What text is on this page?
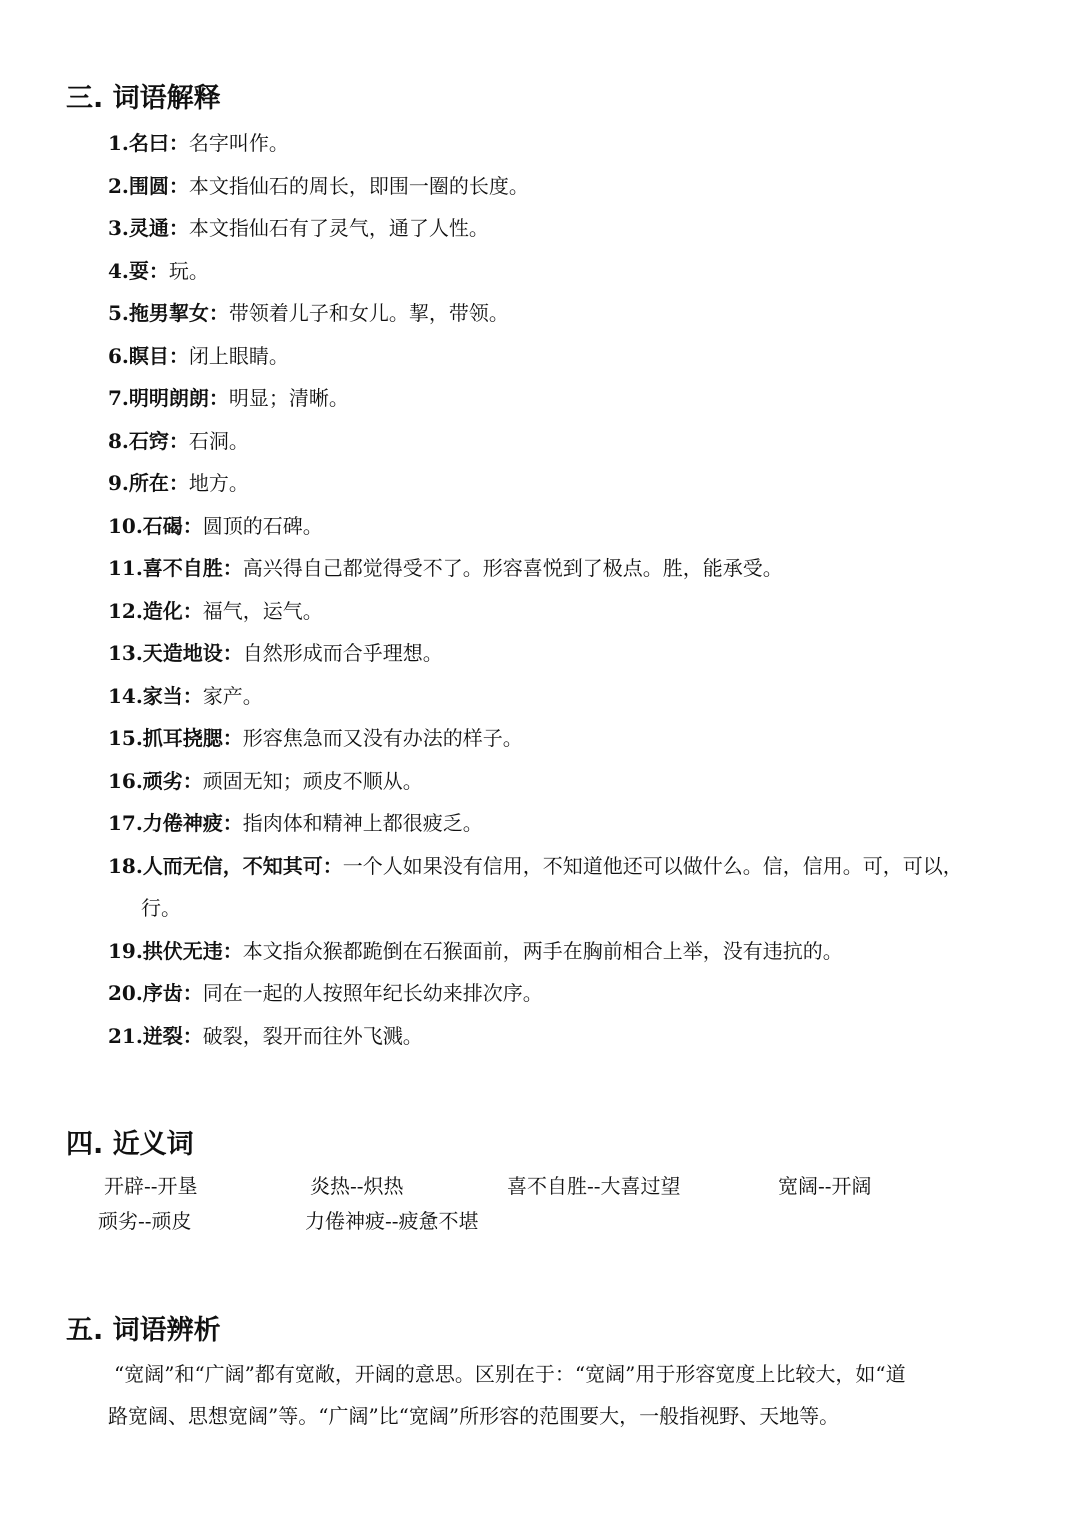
三. 词语解释
1.名曰：名字叫作。
2.围圆：本文指仙石的周长，即围一圈的长度。
3.灵通：本文指仙石有了灵气，通了人性。
4.耍：玩。
5.拖男挈女：带领着儿子和女儿。挈，带领。
6.瞑目：闭上眼睛。
7.明明朗朗：明显；清晰。
8.石窍：石洞。
9.所在：地方。
10.石碣：圆顶的石碑。
11.喜不自胜：高兴得自己都觉得受不了。形容喜悦到了极点。胜，能承受。
12.造化：福气，运气。
13.天造地设：自然形成而合乎理想。
14.家当：家产。
15.抓耳挠腮：形容焦急而又没有办法的样子。
16.顽劣：顽固无知；顽皮不顺从。
17.力倦神疲：指肉体和精神上都很疲乏。
18.人而无信，不知其可：一个人如果没有信用，不知道他还可以做什么。信，信用。可，可以，
行。
19.拱伏无违：本文指众猴都跪倒在石猴面前，两手在胸前相合上举，没有违抗的。
20.序齿：同在一起的人按照年纪长幼来排次序。
21.迸裂：破裂，裂开而往外飞溅。
四. 近义词
开辟--开垦	炎热--炽热	喜不自胜--大喜过望	宽阔--开阔
顽劣--顽皮	力倦神疲--疲惫不堪
五. 词语辨析
“宽阔”和“广阔”都有宽敞，开阔的意思。区别在于：“宽阔”用于形容宽度上比较大，如“道
路宽阔、思想宽阔”等。“广阔”比“宽阔”所形容的范围要大，一般指视野、天地等。
